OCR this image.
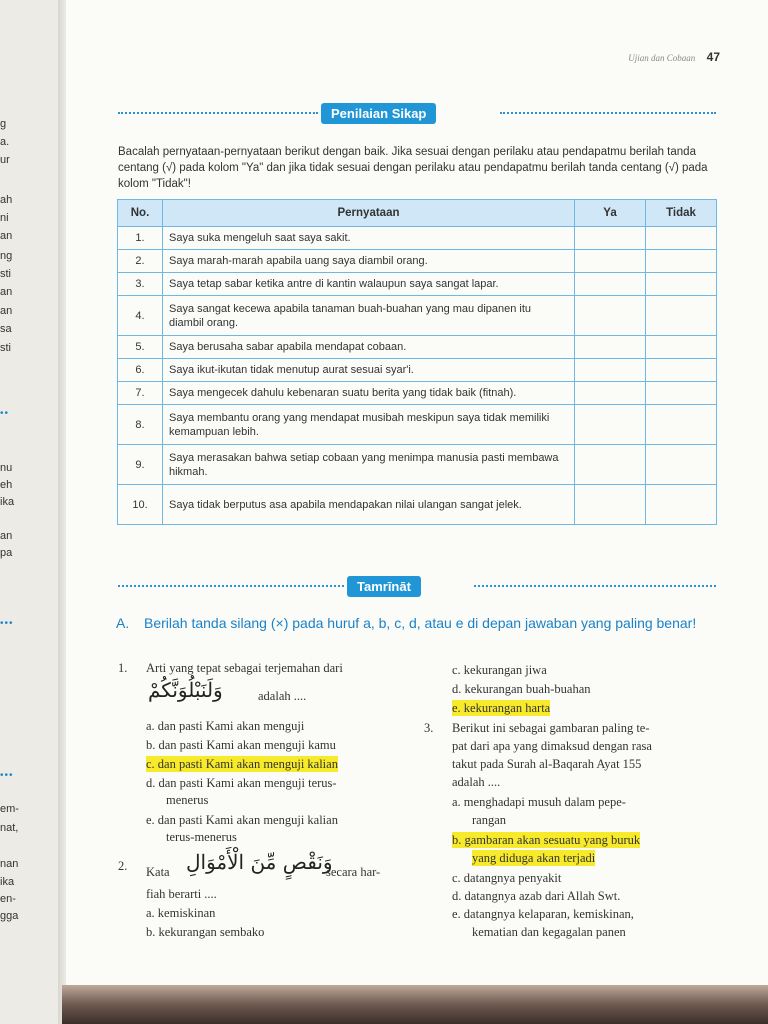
g
a.
ur
ah
ni
an
ng
sti
an
an
sa
sti
••
nu
eh
ika
an
pa
•••
•••
em-
nat,
nan
ika
en-
gga
Ujian dan Cobaan 47
Penilaian Sikap
Bacalah pernyataan-pernyataan berikut dengan baik. Jika sesuai dengan perilaku atau pendapatmu berilah tanda centang (√) pada kolom "Ya" dan jika tidak sesuai dengan perilaku atau pendapatmu berilah tanda centang (√) pada kolom "Tidak"!
No.	Pernyataan	Ya	Tidak
1.	Saya suka mengeluh saat saya sakit.		
2.	Saya marah-marah apabila uang saya diambil orang.		
3.	Saya tetap sabar ketika antre di kantin walaupun saya sangat lapar.		
4.	Saya sangat kecewa apabila tanaman buah-buahan yang mau dipanen itu diambil orang.		
5.	Saya berusaha sabar apabila mendapat cobaan.		
6.	Saya ikut-ikutan tidak menutup aurat sesuai syar'i.		
7.	Saya mengecek dahulu kebenaran suatu berita yang tidak baik (fitnah).		
8.	Saya membantu orang yang mendapat musibah meskipun saya tidak memiliki kemampuan lebih.		
9.	Saya merasakan bahwa setiap cobaan yang menimpa manusia pasti membawa hikmah.		
10.	Saya tidak berputus asa apabila mendapakan nilai ulangan sangat jelek.		
Tamrīnāt
A. Berilah tanda silang (×) pada huruf a, b, c, d, atau e di depan jawaban yang paling benar!
1.	Arti yang tepat sebagai terjemahan dari
وَلَنَبْلُوَنَّكُمْ	adalah ....
a. dan pasti Kami akan menguji
b. dan pasti Kami akan menguji kamu
c. dan pasti Kami akan menguji kalian
d. dan pasti Kami akan menguji terus-
menerus
e. dan pasti Kami akan menguji kalian
terus-menerus
2.	Kata وَنَقْصٍ مِّنَ الْأَمْوَالِ
secara har-
fiah berarti ....
a. kemiskinan
b. kekurangan sembako
c. kekurangan jiwa
d. kekurangan buah-buahan
e. kekurangan harta
3.	Berikut ini sebagai gambaran paling te-
pat dari apa yang dimaksud dengan rasa
takut pada Surah al-Baqarah Ayat 155
adalah ....
a. menghadapi musuh dalam pepe-
rangan
b. gambaran akan sesuatu yang buruk
yang diduga akan terjadi
c. datangnya penyakit
d. datangnya azab dari Allah Swt.
e. datangnya kelaparan, kemiskinan,
kematian dan kegagalan panen
